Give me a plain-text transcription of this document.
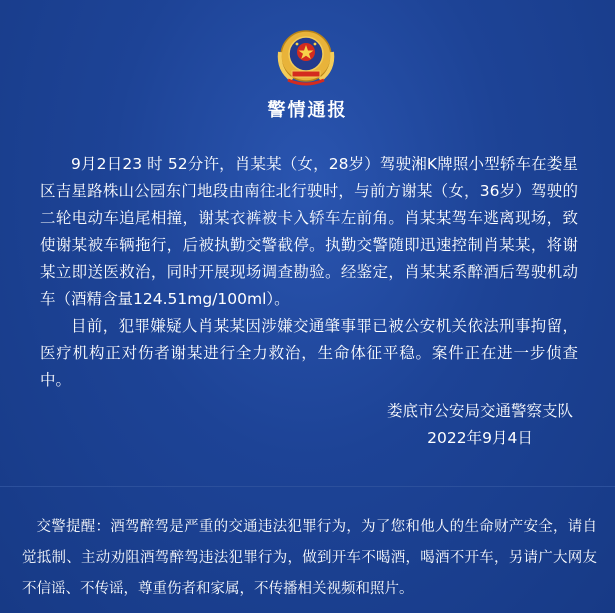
警情通报

9月2日23 时 52分许，肖某某（女，28岁）驾驶湘K牌照小型轿车在娄星区吉星路株山公园东门地段由南往北行驶时，与前方谢某（女，36岁）驾驶的二轮电动车追尾相撞，谢某衣裤被卡入轿车左前角。肖某某驾车逃离现场，致使谢某被车辆拖行，后被执勤交警截停。执勤交警随即迅速控制肖某某，将谢某立即送医救治，同时开展现场调查勘验。经鉴定，肖某某系醉酒后驾驶机动车（酒精含量124.51mg/100ml）。

目前，犯罪嫌疑人肖某某因涉嫌交通肇事罪已被公安机关依法刑事拘留，医疗机构正对伤者谢某进行全力救治，生命体征平稳。案件正在进一步侦查中。

娄底市公安局交通警察支队
2022年9月4日

交警提醒：酒驾醉驾是严重的交通违法犯罪行为，为了您和他人的生命财产安全，请自觉抵制、主动劝阻酒驾醉驾违法犯罪行为，做到开车不喝酒，喝酒不开车，另请广大网友不信谣、不传谣，尊重伤者和家属，不传播相关视频和照片。
